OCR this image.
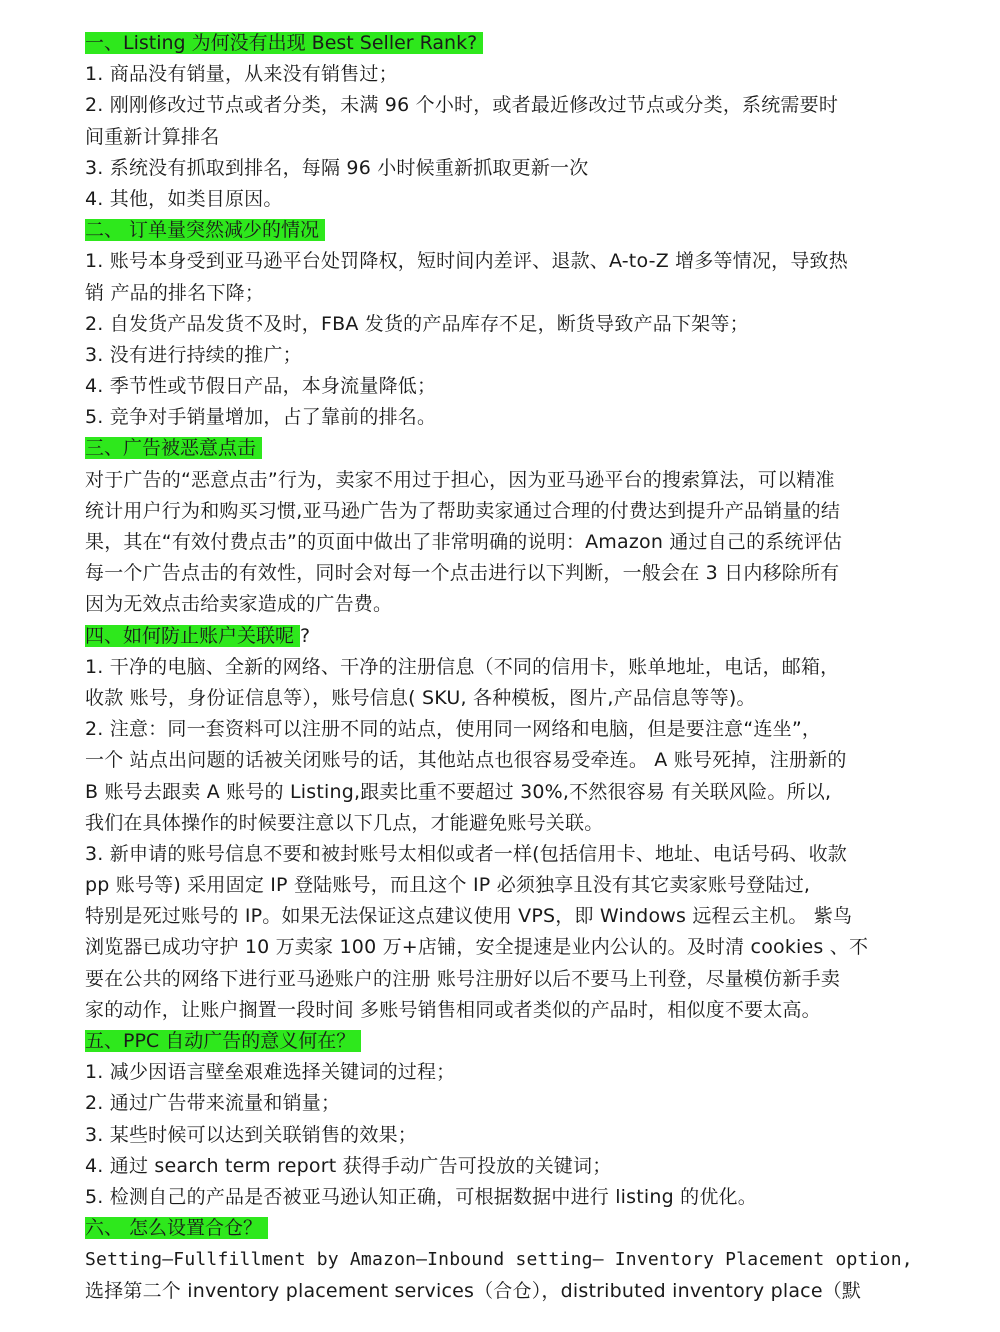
一、Listing 为何没有出现 Best Seller Rank?
1. 商品没有销量，从来没有销售过；
2. 刚刚修改过节点或者分类，未满 96 个小时，或者最近修改过节点或分类，系统需要时
间重新计算排名
3. 系统没有抓取到排名，每隔 96 小时候重新抓取更新一次
4. 其他，如类目原因。
二、 订单量突然减少的情况
1. 账号本身受到亚马逊平台处罚降权，短时间内差评、退款、A-to-Z 增多等情况，导致热
销 产品的排名下降；
2. 自发货产品发货不及时，FBA 发货的产品库存不足，断货导致产品下架等；
3. 没有进行持续的推广；
4. 季节性或节假日产品，本身流量降低；
5. 竞争对手销量增加，占了靠前的排名。
三、广告被恶意点击
对于广告的“恶意点击”行为，卖家不用过于担心，因为亚马逊平台的搜索算法，可以精准
统计用户行为和购买习惯,亚马逊广告为了帮助卖家通过合理的付费达到提升产品销量的结
果，其在“有效付费点击”的页面中做出了非常明确的说明：Amazon 通过自己的系统评估
每一个广告点击的有效性，同时会对每一个点击进行以下判断，一般会在 3 日内移除所有
因为无效点击给卖家造成的广告费。
四、如何防止账户关联呢 ?
1. 干净的电脑、全新的网络、干净的注册信息（不同的信用卡，账单地址，电话，邮箱，
收款 账号，身份证信息等），账号信息( SKU, 各种模板，图片,产品信息等等)。
2. 注意：同一套资料可以注册不同的站点，使用同一网络和电脑，但是要注意“连坐”，
一个 站点出问题的话被关闭账号的话，其他站点也很容易受牵连。 A 账号死掉，注册新的
B 账号去跟卖 A 账号的 Listing,跟卖比重不要超过 30%,不然很容易 有关联风险。所以,
我们在具体操作的时候要注意以下几点，才能避免账号关联。
3. 新申请的账号信息不要和被封账号太相似或者一样(包括信用卡、地址、电话号码、收款
pp 账号等) 采用固定 IP 登陆账号，而且这个 IP 必须独享且没有其它卖家账号登陆过,
特别是死过账号的 IP。如果无法保证这点建议使用 VPS，即 Windows 远程云主机。 紫鸟
浏览器已成功守护 10 万卖家 100 万+店铺，安全提速是业内公认的。及时清 cookies 、不
要在公共的网络下进行亚马逊账户的注册 账号注册好以后不要马上刊登，尽量模仿新手卖
家的动作，让账户搁置一段时间 多账号销售相同或者类似的产品时，相似度不要太高。
五、PPC 自动广告的意义何在？
1. 减少因语言壁垒艰难选择关键词的过程；
2. 通过广告带来流量和销量；
3. 某些时候可以达到关联销售的效果；
4. 通过 search term report 获得手动广告可投放的关键词；
5. 检测自己的产品是否被亚马逊认知正确，可根据数据中进行 listing 的优化。
六、 怎么设置合仓？
Setting—Fullfillment by Amazon—Inbound setting— Inventory Placement option,
选择第二个 inventory placement services（合仓），distributed inventory place（默
